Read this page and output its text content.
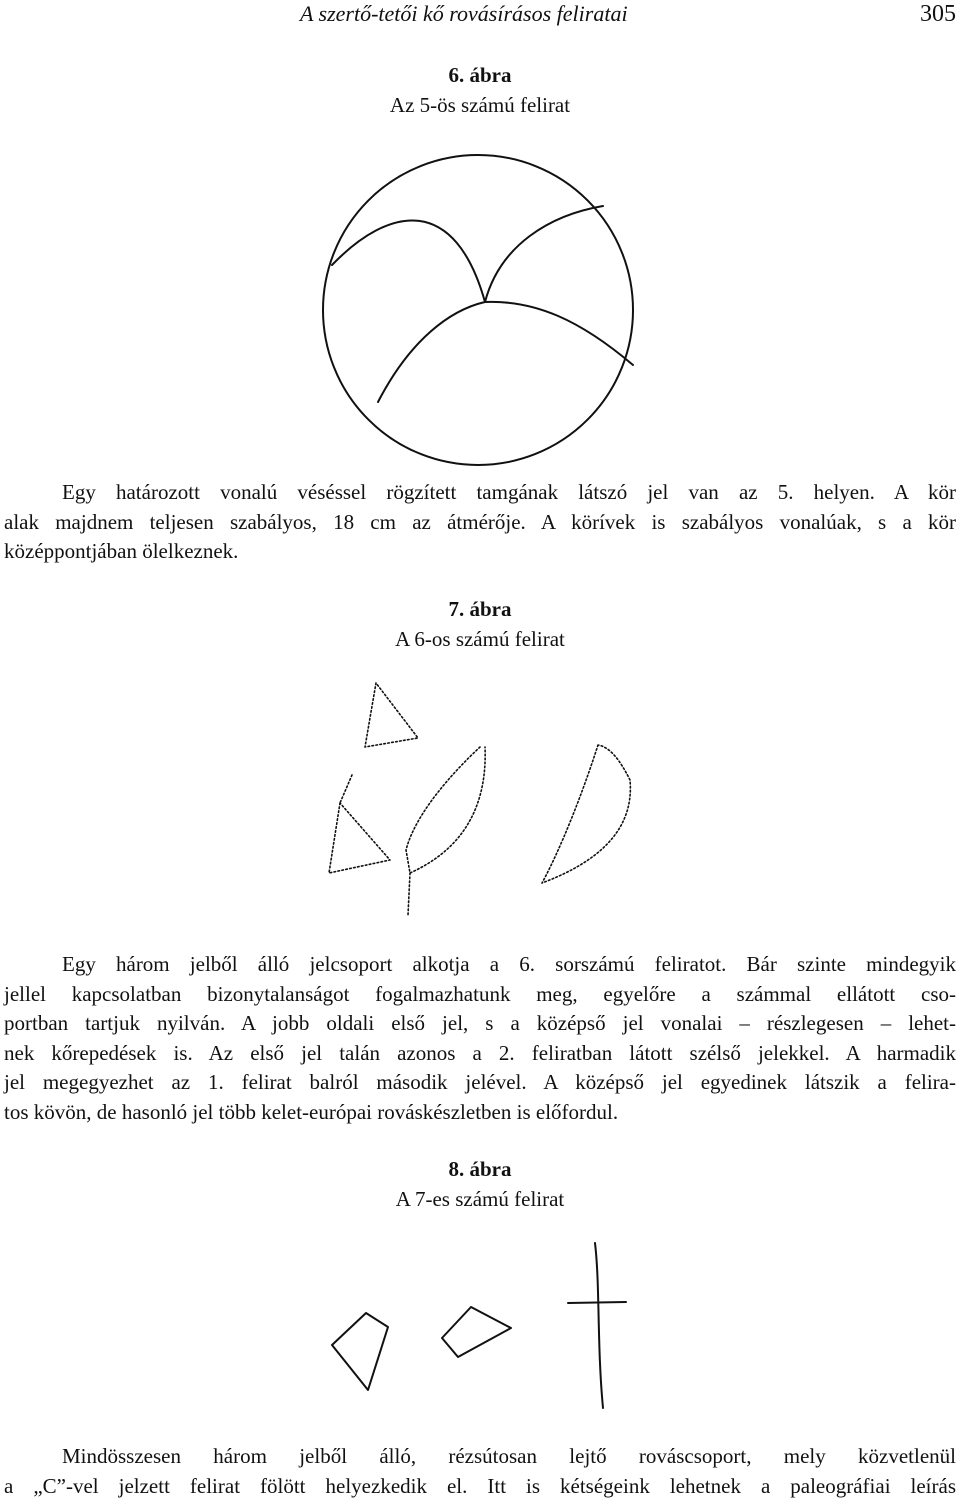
A szertő-tetői kő rovásírásos feliratai	305
6. ábra
Az 5-ös számú felirat
Egy határozott vonalú véséssel rögzített tamgának látszó jel van az 5. helyen. A kör
alak majdnem teljesen szabályos, 18 cm az átmérője. A körívek is szabályos vonalúak, s a kör
középpontjában ölelkeznek.
7. ábra
A 6-os számú felirat
Egy három jelből álló jelcsoport alkotja a 6. sorszámú feliratot. Bár szinte mindegyik
jellel kapcsolatban bizonytalanságot fogalmazhatunk meg, egyelőre a számmal ellátott cso-
portban tartjuk nyilván. A jobb oldali első jel, s a középső jel vonalai – részlegesen – lehet-
nek kőrepedések is. Az első jel talán azonos a 2. feliratban látott szélső jelekkel. A harmadik
jel megegyezhet az 1. felirat balról második jelével. A középső jel egyedinek látszik a felira-
tos kövön, de hasonló jel több kelet-európai rováskészletben is előfordul.
8. ábra
A 7-es számú felirat
Mindösszesen három jelből álló, rézsútosan lejtő rováscsoport, mely közvetlenül
a „C”-vel jelzett felirat fölött helyezkedik el. Itt is kétségeink lehetnek a paleográfiai leírás
